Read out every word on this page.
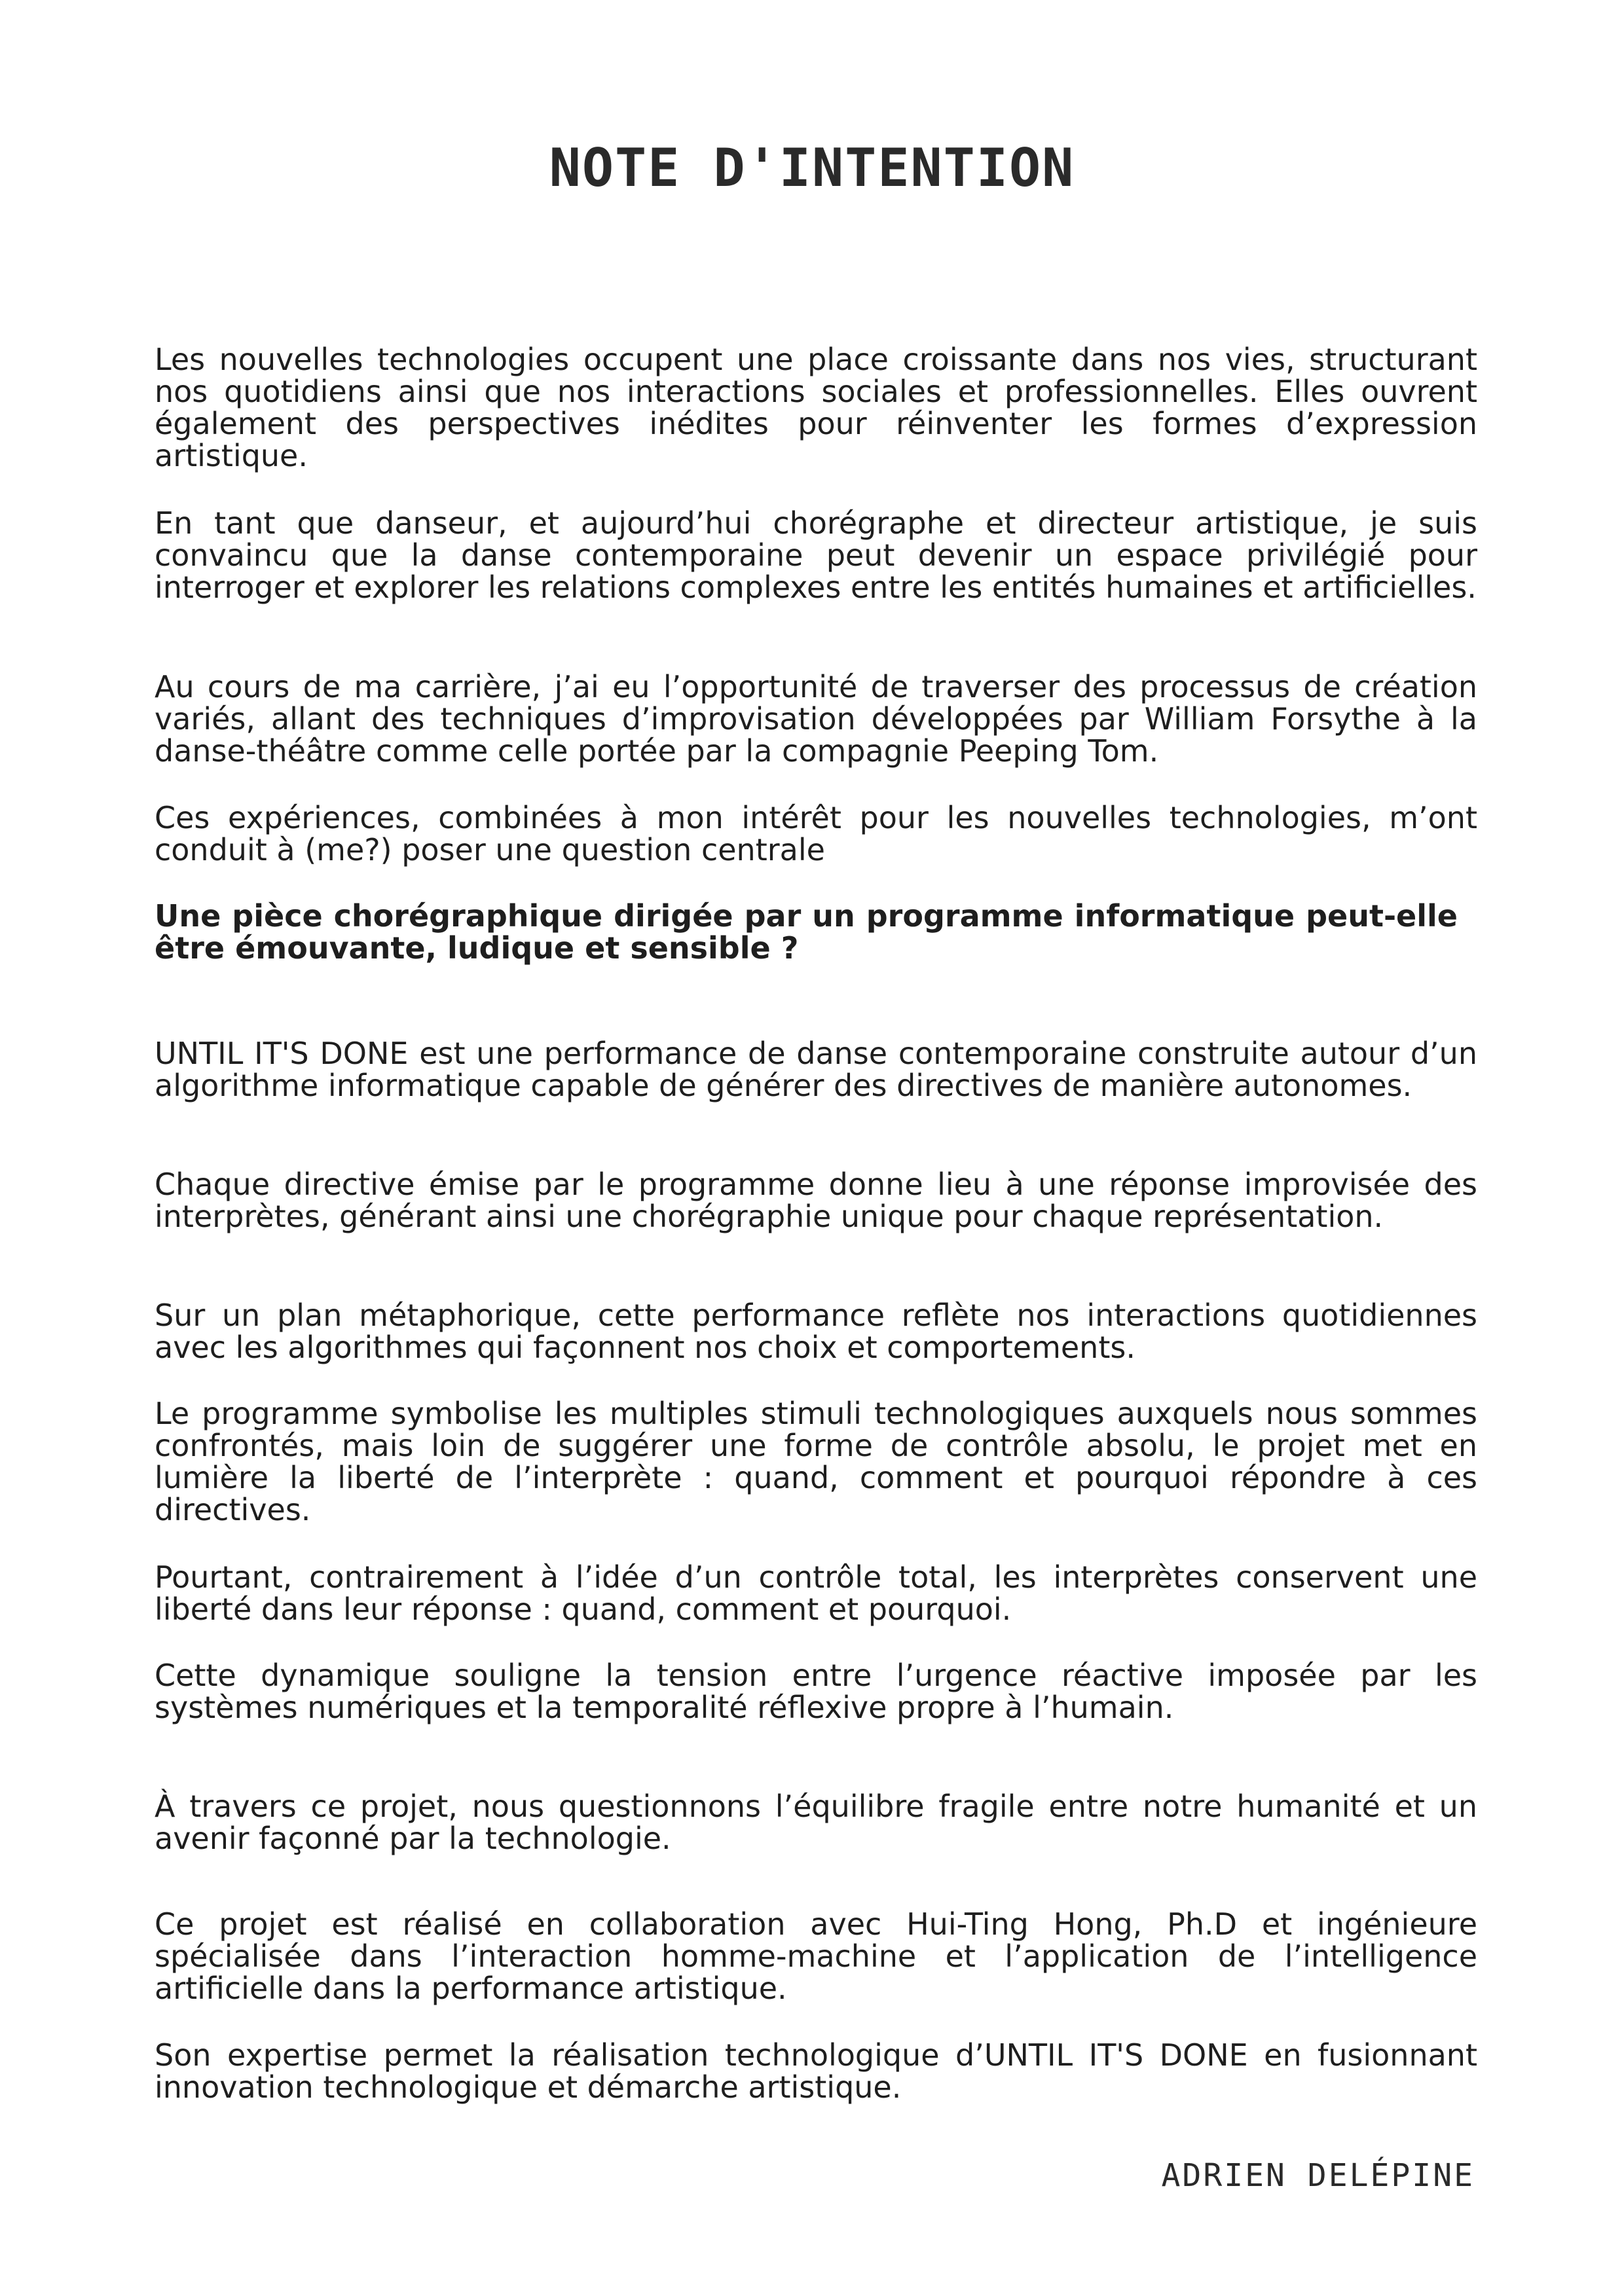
NOTE D'INTENTION

Les nouvelles technologies occupent une place croissante dans nos vies, structurant nos quotidiens ainsi que nos interactions sociales et professionnelles. Elles ouvrent également des perspectives inédites pour réinventer les formes d’expression artistique.

En tant que danseur, et aujourd’hui chorégraphe et directeur artistique, je suis convaincu que la danse contemporaine peut devenir un espace privilégié pour interroger et explorer les relations complexes entre les entités humaines et artificielles.

Au cours de ma carrière, j’ai eu l’opportunité de traverser des processus de création variés, allant des techniques d’improvisation développées par William Forsythe à la danse-théâtre comme celle portée par la compagnie Peeping Tom.

Ces expériences, combinées à mon intérêt pour les nouvelles technologies, m’ont conduit à (me?) poser une question centrale

Une pièce chorégraphique dirigée par un programme informatique peut-elle être émouvante, ludique et sensible ?

UNTIL IT'S DONE est une performance de danse contemporaine construite autour d’un algorithme informatique capable de générer des directives de manière autonomes.

Chaque directive émise par le programme donne lieu à une réponse improvisée des interprètes, générant ainsi une chorégraphie unique pour chaque représentation.

Sur un plan métaphorique, cette performance reflète nos interactions quotidiennes avec les algorithmes qui façonnent nos choix et comportements.

Le programme symbolise les multiples stimuli technologiques auxquels nous sommes confrontés, mais loin de suggérer une forme de contrôle absolu, le projet met en lumière la liberté de l’interprète : quand, comment et pourquoi répondre à ces directives.

Pourtant, contrairement à l’idée d’un contrôle total, les interprètes conservent une liberté dans leur réponse : quand, comment et pourquoi.

Cette dynamique souligne la tension entre l’urgence réactive imposée par les systèmes numériques et la temporalité réflexive propre à l’humain.

À travers ce projet, nous questionnons l’équilibre fragile entre notre humanité et un avenir façonné par la technologie.

Ce projet est réalisé en collaboration avec Hui-Ting Hong, Ph.D et ingénieure spécialisée dans l’interaction homme-machine et l’application de l’intelligence artificielle dans la performance artistique.

Son expertise permet la réalisation technologique d’UNTIL IT'S DONE en fusionnant innovation technologique et démarche artistique.

ADRIEN DELÉPINE
